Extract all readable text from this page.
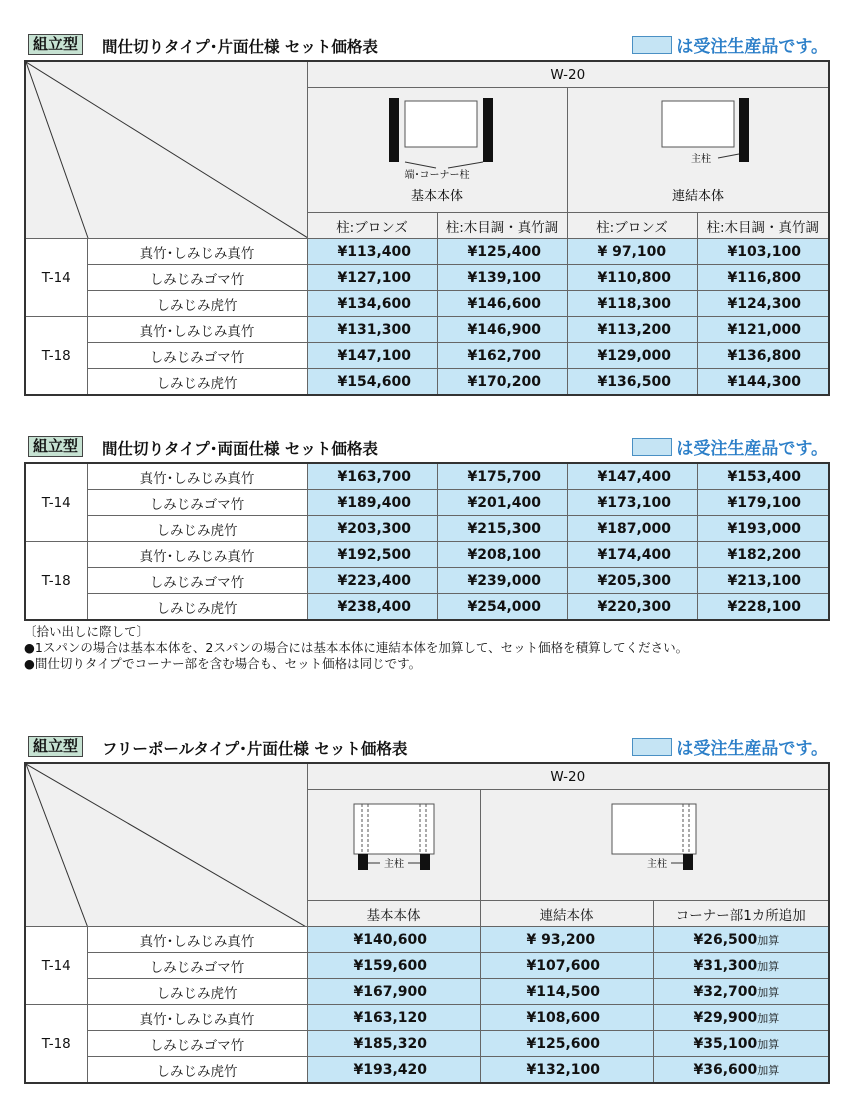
組立型	間仕切りタイプ･片面仕様 セット価格表	は受注生産品です。
	W-20			

端･コーナー柱
基本本体		主柱
連結本体	

		柱:ブロンズ	柱:木目調・真竹調	柱:ブロンズ	柱:木目調・真竹調
T-14	真竹･しみじみ真竹	¥113,400	¥125,400	¥ 97,100	¥103,100
	しみじみゴマ竹	¥127,100	¥139,100	¥110,800	¥116,800
	しみじみ虎竹	¥134,600	¥146,600	¥118,300	¥124,300
T-18	真竹･しみじみ真竹	¥131,300	¥146,900	¥113,200	¥121,000
	しみじみゴマ竹	¥147,100	¥162,700	¥129,000	¥136,800
	しみじみ虎竹	¥154,600	¥170,200	¥136,500	¥144,300
組立型	間仕切りタイプ･両面仕様 セット価格表	は受注生産品です。
T-14	真竹･しみじみ真竹	¥163,700	¥175,700	¥147,400	¥153,400
	しみじみゴマ竹	¥189,400	¥201,400	¥173,100	¥179,100
	しみじみ虎竹	¥203,300	¥215,300	¥187,000	¥193,000
T-18	真竹･しみじみ真竹	¥192,500	¥208,100	¥174,400	¥182,200
	しみじみゴマ竹	¥223,400	¥239,000	¥205,300	¥213,100
	しみじみ虎竹	¥238,400	¥254,000	¥220,300	¥228,100
〔拾い出しに際して〕
●1スパンの場合は基本本体を、2スパンの場合には基本本体に連結本体を加算して、セット価格を積算してください。
●間仕切りタイプでコーナー部を含む場合も、セット価格は同じです。
組立型	フリーポールタイプ･片面仕様 セット価格表	は受注生産品です。
	W-20		

主柱	主柱	

		基本本体	連結本体	コーナー部1カ所追加
T-14	真竹･しみじみ真竹	¥140,600	¥ 93,200	¥26,500加算
	しみじみゴマ竹	¥159,600	¥107,600	¥31,300加算
	しみじみ虎竹	¥167,900	¥114,500	¥32,700加算
T-18	真竹･しみじみ真竹	¥163,120	¥108,600	¥29,900加算
	しみじみゴマ竹	¥185,320	¥125,600	¥35,100加算
	しみじみ虎竹	¥193,420	¥132,100	¥36,600加算
